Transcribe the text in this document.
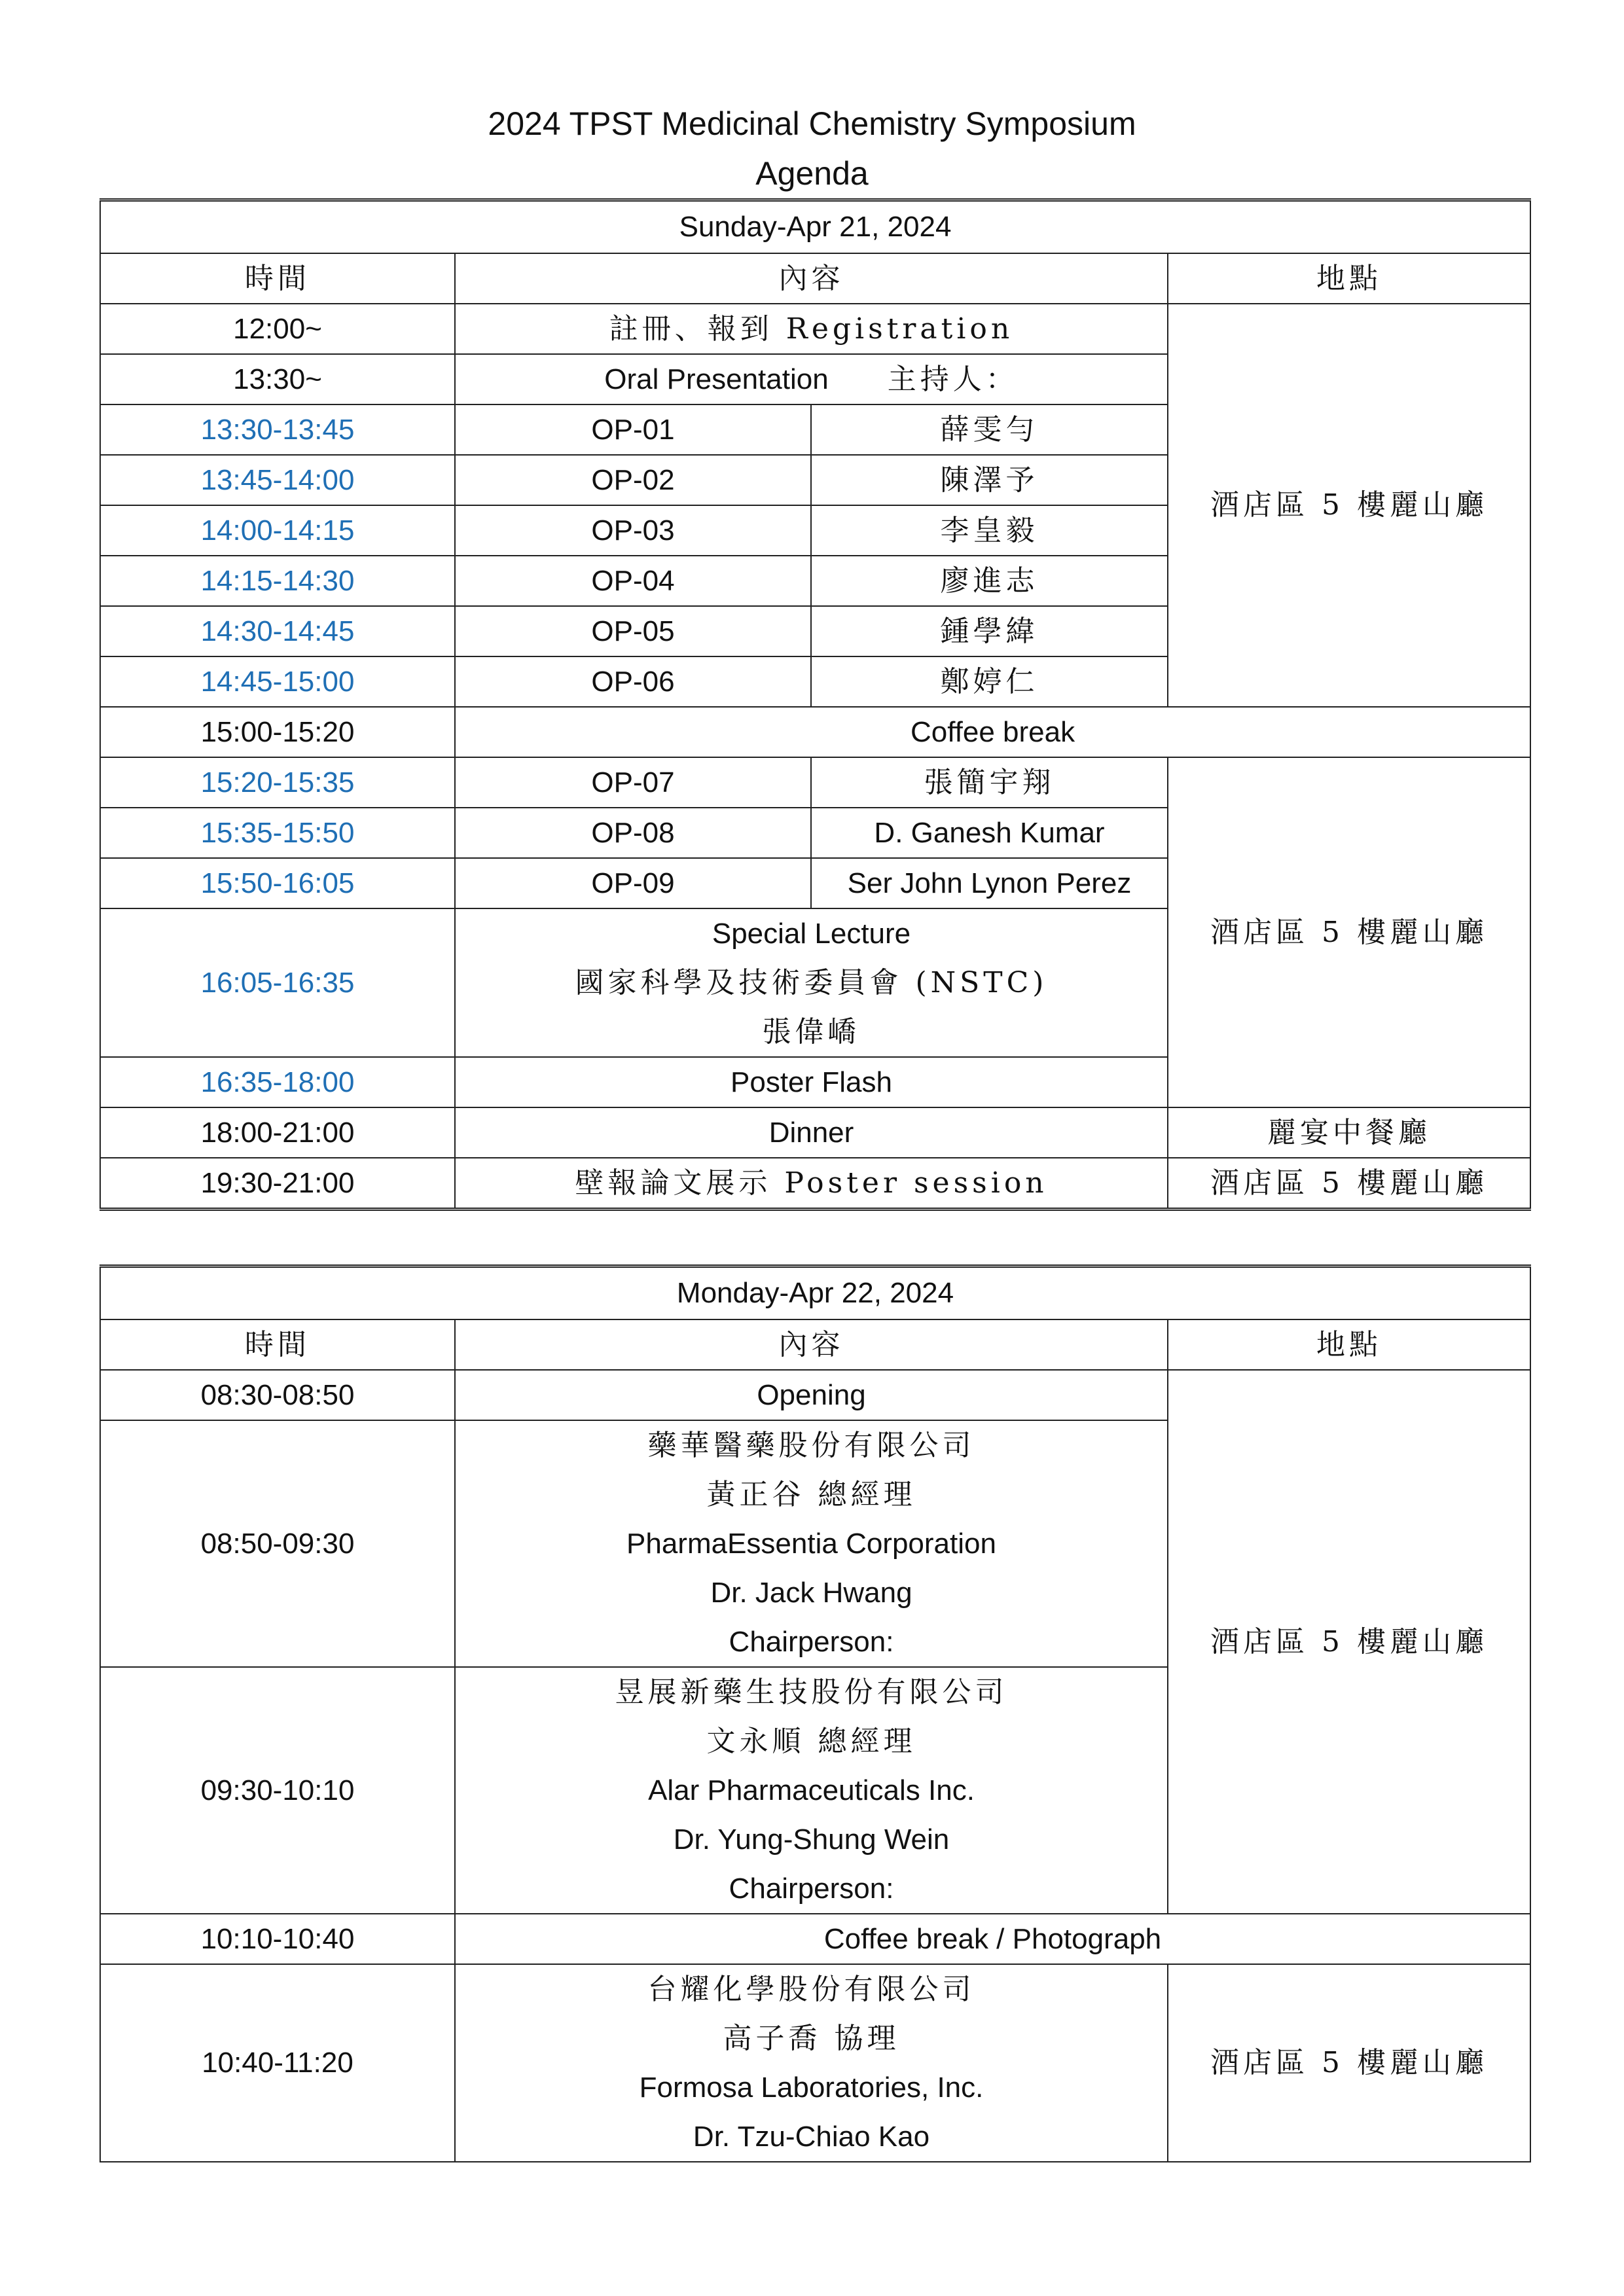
2024 TPST Medicinal Chemistry Symposium
Agenda
Sunday-Apr 21, 2024			
時間	內容		地點
12:00~	註冊、報到 Registration		酒店區 5 樓麗山廳
13:30~	Oral Presentation 主持人：		
13:30-13:45	OP-01	薛雯勻	
13:45-14:00	OP-02	陳澤予	
14:00-14:15	OP-03	李皇毅	
14:15-14:30	OP-04	廖進志	
14:30-14:45	OP-05	鍾學緯	
14:45-15:00	OP-06	鄭婷仁	
15:00-15:20	Coffee break		
15:20-15:35	OP-07	張簡宇翔	酒店區 5 樓麗山廳
15:35-15:50	OP-08	D. Ganesh Kumar	
15:50-16:05	OP-09	Ser John Lynon Perez	
16:05-16:35	Special Lecture
國家科學及技術委員會 (NSTC)
張偉嶠		

16:35-18:00	Poster Flash		
18:00-21:00	Dinner		麗宴中餐廳
19:30-21:00	壁報論文展示 Poster session		酒店區 5 樓麗山廳
Monday-Apr 22, 2024		
時間	內容	地點
08:30-08:50	Opening	酒店區 5 樓麗山廳
08:50-09:30	藥華醫藥股份有限公司
黃正谷 總經理
PharmaEssentia Corporation
Dr. Jack Hwang
Chairperson:	

09:30-10:10	昱展新藥生技股份有限公司
文永順 總經理
Alar Pharmaceuticals Inc.
Dr. Yung-Shung Wein
Chairperson:	

10:10-10:40	Coffee break / Photograph	
10:40-11:20	台耀化學股份有限公司
高子喬 協理
Formosa Laboratories, Inc.
Dr. Tzu-Chiao Kao	酒店區 5 樓麗山廳
